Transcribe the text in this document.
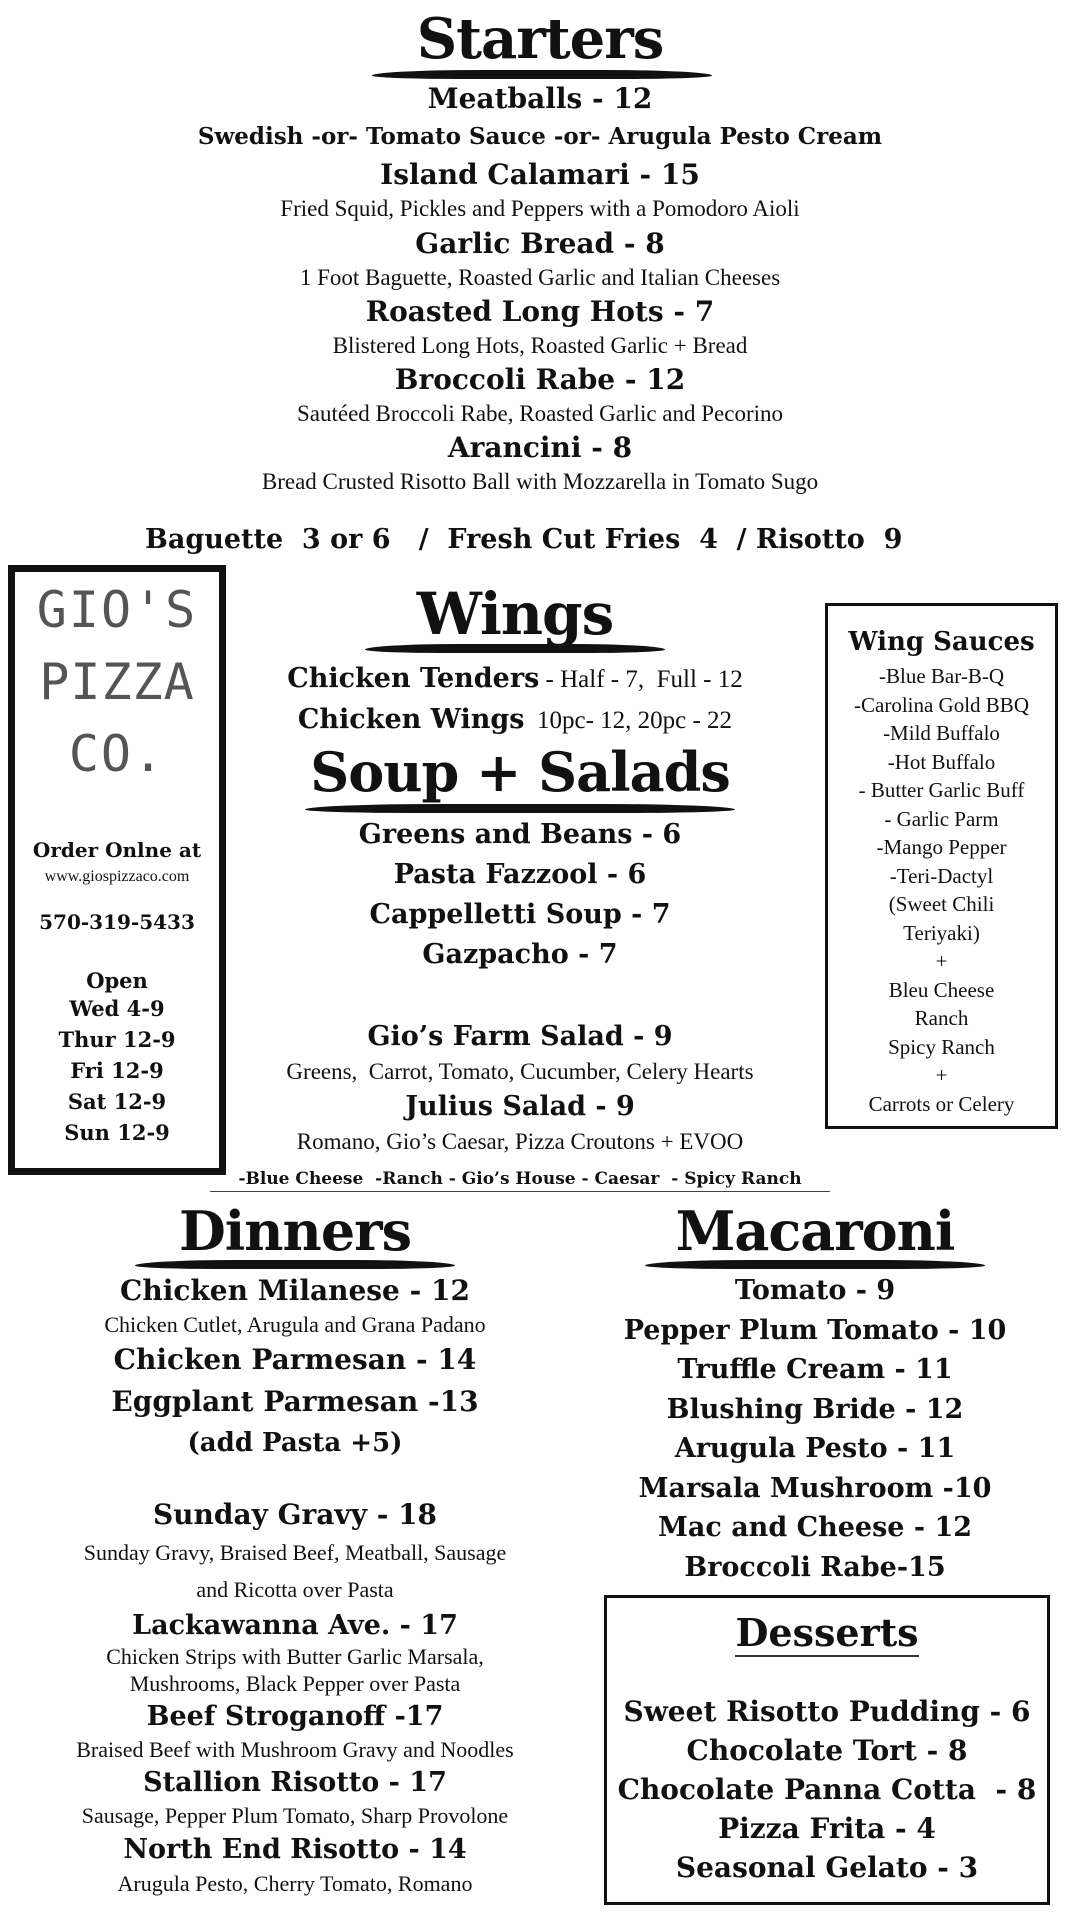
Starters
Meatballs - 12
Swedish -or- Tomato Sauce -or- Arugula Pesto Cream
Island Calamari - 15
Fried Squid, Pickles and Peppers with a Pomodoro Aioli
Garlic Bread - 8
1 Foot Baguette, Roasted Garlic and Italian Cheeses
Roasted Long Hots - 7
Blistered Long Hots, Roasted Garlic + Bread
Broccoli Rabe - 12
Sautéed Broccoli Rabe, Roasted Garlic and Pecorino
Arancini - 8
Bread Crusted Risotto Ball with Mozzarella in Tomato Sugo
Baguette  3 or 6   /  Fresh Cut Fries  4  / Risotto  9
GIO'S
PIZZA
CO.
Order Onlne at
www.giospizzaco.com
570-319-5433
Open
Wed 4-9
Thur 12-9
Fri 12-9
Sat 12-9
Sun 12-9
Wings
Chicken Tenders - Half - 7,  Full - 12
Chicken Wings  10pc- 12, 20pc - 22
Wing Sauces
-Blue Bar-B-Q
-Carolina Gold BBQ
-Mild Buffalo
-Hot Buffalo
- Butter Garlic Buff
- Garlic Parm
-Mango Pepper
-Teri-Dactyl
(Sweet Chili
Teriyaki)
+
Bleu Cheese
Ranch
Spicy Ranch
+
Carrots or Celery
Soup + Salads
Greens and Beans - 6
Pasta Fazzool - 6
Cappelletti Soup - 7
Gazpacho - 7
Gio’s Farm Salad - 9
Greens,  Carrot, Tomato, Cucumber, Celery Hearts
Julius Salad - 9
Romano, Gio’s Caesar, Pizza Croutons + EVOO
-Blue Cheese  -Ranch - Gio’s House - Caesar  - Spicy Ranch
Dinners
Chicken Milanese - 12
Chicken Cutlet, Arugula and Grana Padano
Chicken Parmesan - 14
Eggplant Parmesan -13
(add Pasta +5)
Sunday Gravy - 18
Sunday Gravy, Braised Beef, Meatball, Sausage
and Ricotta over Pasta
Lackawanna Ave. - 17
Chicken Strips with Butter Garlic Marsala,
Mushrooms, Black Pepper over Pasta
Beef Stroganoff -17
Braised Beef with Mushroom Gravy and Noodles
Stallion Risotto - 17
Sausage, Pepper Plum Tomato, Sharp Provolone
North End Risotto - 14
Arugula Pesto, Cherry Tomato, Romano
Macaroni
Tomato - 9
Pepper Plum Tomato - 10
Truffle Cream - 11
Blushing Bride - 12
Arugula Pesto - 11
Marsala Mushroom -10
Mac and Cheese - 12
Broccoli Rabe-15
Desserts
Sweet Risotto Pudding - 6
Chocolate Tort - 8
Chocolate Panna Cotta  - 8
Pizza Frita - 4
Seasonal Gelato - 3
